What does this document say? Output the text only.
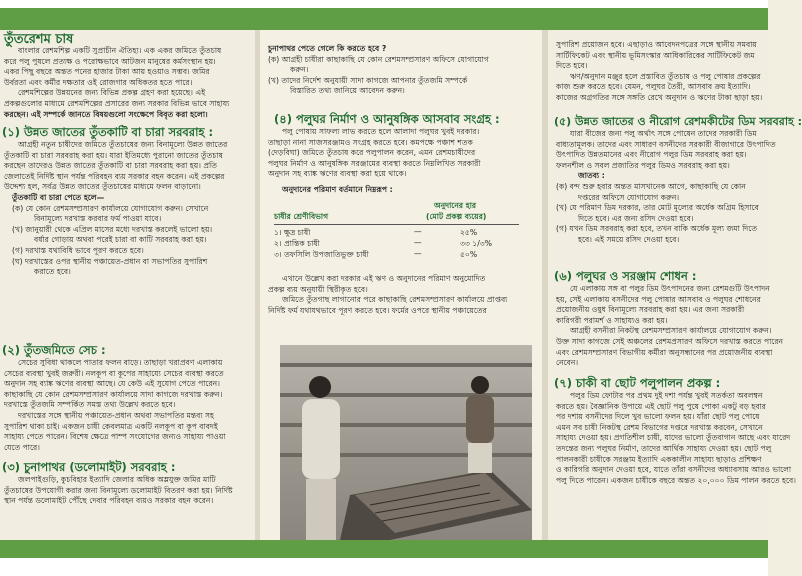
তুঁতরেশম চাষ
বাংলার রেশমশিল্প একটি সুপ্রাচীন ঐতিহ্য। এক একর জমিতে তুঁতচাষ
করে পলু পুষলে প্রত্যক্ষ ও পরোক্ষভাবে আটজন মানুষের কর্মসংস্থান হয়।
একর পিছু বছরে অন্তত পনের হাজার টাকা আয় হওয়াও সম্ভব। জমির
উর্বরতা এবং কর্মীর দক্ষতার ওই রোজগার অধিকতর হতে পারে।
রেশমশিল্পের উন্নয়নের জন্য বিভিন্ন প্রকল্প গ্রহণ করা হয়েছে। এই
প্রকল্পগুলোর মাধ্যমে রেশমশিল্পের প্রসারের জন্য সরকার বিভিন্ন ভাবে সাহায্য
করছেন। এই সম্পর্কে জানতে বিষয়গুলো সংক্ষেপে বিবৃত করা হলো।
(১) উন্নত জাতের তুঁতকাটি বা চারা সরবরাহ :
আগ্রহী নতুন চাষীদের জমিতে তুঁতচাষের জন্য বিনামূল্যে উন্নত জাতের
তুঁতকাটি বা চারা সরবরাহ করা হয়। যারা ইতিমধ্যে পুরানো জাতের তুঁতচাষ
করছেন তাদেরও উন্নত জাতের তুঁতকাটি বা চারা সরবরাহ করা হয়। প্রতি
জেলাতেই নির্দিষ্ট স্থান পর্যন্ত পরিবহন ব্যয় সরকার বহন করেন। এই প্রকল্পের
উদ্দেশ্য হল, সর্বত্র উন্নত জাতের তুঁতচাষের মাধ্যমে ফলন বাড়ানো।
তুঁতকাটি বা চারা পেতে হলে—
(ক) যে কোন রেশমসম্প্রসারণ কার্যালয়ে যোগাযোগ করুন। সেখানে
বিনামূল্যে দরখাস্ত করবার ফর্ম পাওয়া যাবে।
(খ) জানুয়ারী থেকে এপ্রিল মাসের মধ্যে দরখাস্ত করলেই ভালো হয়।
বর্ষার গোড়ায় অথবা পরেই চারা বা কাটি সরবরাহ করা হয়।
(গ) দরখাস্ত যথাবিধি ভাবে পূরণ করতে হবে।
(ঘ) দরখাস্তের ওপর স্থানীয় পঞ্চায়েত-প্রধান বা সভাপতির সুপারিশ
করাতে হবে।
(২) তুঁতজমিতে সেচ :
সেচের সুবিধা থাকলে পাতার ফলন বাড়ে। তাছাড়া খরাপ্রবণ এলাকায়
সেচের ব্যবস্থা খুবই জরুরী। নলকূপ বা কূপের সাহায্যে সেচের ব্যবস্থা করতে
অনুদান সহ ব্যাঙ্ক ঋণের ব্যবস্থা আছে। যে কেউ এই সুযোগ পেতে পারেন।
কাছাকাছি যে কোন রেশমসম্প্রসারণ কার্যালয়ে সাদা কাগজে দরখাস্ত করুন।
দরখাস্তে তুঁতজমি সম্পর্কিত সমস্ত তথ্য উল্লেখ করতে হবে।
দরখাস্তের সঙ্গে স্থানীয় পঞ্চায়েত-প্রধান অথবা সভাপতির মন্তব্য সহ
সুপারিশ থাকা চাই। একজন চাষী কেবলমাত্র একটি নলকূপ বা কূপ বাবদই
সাহায্য পেতে পারেন। বিশেষ ক্ষেত্রে পাম্প সংযোগের জন্যও সাহায্য পাওয়া
যেতে পারে।
(৩) চুনাপাথর (ডলোমাইট) সরবরাহ :
জলপাইগুড়ি, কুচবিহার ইত্যাদি জেলার অধিক অম্লযুক্ত জমির মাটি
তুঁতচাষের উপযোগী করার জন্য বিনামূল্যে ডলোমাইট বিতরণ করা হয়। নির্দিষ্ট
স্থান পর্যন্ত ডলোমাইট পৌঁছে দেবার পরিবহন ব্যয়ও সরকার বহন করেন।
চুনাপাথর পেতে গেলে কি করতে হবে ?
(ক) আগ্রহী চাষীরা কাছাকাছি যে কোন রেশমসম্প্রসারণ অফিসে যোগাযোগ
করুন।
(খ) তাদের নির্দেশ অনুযায়ী সাদা কাগজে আপনার তুঁতজমি সম্পর্কে
বিস্তারিত তথ্য জানিয়ে আবেদন করুন।
(৪) পলুঘর নির্মাণ ও আনুষঙ্গিক আসবাব সংগ্রহ :
পলু পোষায় সাফল্য লাভ করতে হলে আলাদা পলুঘর খুবই দরকার।
তাছাড়া নানা সাজসরঞ্জামও সংগ্রহ করতে হবে। কমপক্ষে পঞ্চাশ শতক
(দেড়বিঘা) জমিতে তুঁতচাষ করে পলুপালন করেন, এমন রেশমচাষীদের
পলুঘর নির্মাণ ও আনুষঙ্গিক সরঞ্জামের ব্যবস্থা করতে নিম্নলিখিত সরকারী
অনুদান সহ ব্যাঙ্ক ঋণের ব্যবস্থা করা হয়ে থাকে।
অনুদানের পরিমাণ বর্তমানে নিম্নরূপ :
অনুদানের হার
চাষীর শ্রেণীবিভাগ	(মোট প্রকল্প ব্যয়ের)
১। ক্ষুদ্র চাষী	—	২৫%
২। প্রান্তিক চাষী	—	৩৩ ১/৩%
৩। তফসিলি উপজাতিভুক্ত চাষী	—	৫০%
এখানে উল্লেখ করা দরকার এই ঋণ ও অনুদানের পরিমাণ অনুমোদিত
প্রকল্প ব্যয় অনুযায়ী স্থিরীকৃত হবে।
জমিতে তুঁতগাছ লাগানোর পরে কাছাকাছি রেশমসম্প্রসারণ কার্যালয়ে প্রাপ্তব্য
নির্দিষ্ট ফর্ম যথাযথভাবে পূরণ করতে হবে। ফর্মের ওপরে স্থানীয় পঞ্চায়েতের
সুপারিশ প্রয়োজন হবে। এছাড়াও আবেদনপত্রের সঙ্গে স্থানীয় সমবায়
সার্টিফিকেট এবং স্থানীয় ভূমিসংস্কার আধিকারিকের সার্টিফিকেট জম
দিতে হবে।
ঋণ/অনুদান মঞ্জুর হলে প্রস্তাবিত তুঁতচাষ ও পলু পোষার প্রকল্পের
কাজ শুরু করতে হবে। যেমন, পলুঘর তৈরী, আসবাব ক্রয় ইত্যাদি।
কাজের অগ্রগতির সঙ্গে সঙ্গতি রেখে অনুদান ও ঋণের টাকা ছাড়া হয়।
(৫) উন্নত জাতের ও নীরোগ রেশমকীটের ডিম সরবরাহ :
যারা বীজের জন্য পলু অর্থাৎ সঙ্গে পোষেন তাদের সরকারী ডিম
বাধ্যতামূলক। তাদের এবং সাধারণ বসনীদের সরকারী বীজাগারে উৎপাদিত
উৎপাদিত উন্নতমানের এবং নীরোগ পলুর ডিম সরবরাহ করা হয়।
ফলনশীল ও সবল প্রজাতির পলুর ডিমও সরবরাহ করা হয়।
জাতব্য :
(ক) বন্দ শুরু হবার অন্তত মাসখানেক আগে, কাছাকাছি যে কোন
দপ্তরের অফিসে যোগাযোগ করুন।
(খ) যে পরিমাণ ডিম দরকার, তার মোট মূল্যের অর্ধেক অগ্রিম হিসাবে
দিতে হবে। এর জন্য রসিদ দেওয়া হবে।
(গ) যখন ডিম সরবরাহ করা হবে, তখন বাকি অর্ধেক মূল্য জমা দিতে
হবে। এই সময়ে রসিদ দেওয়া হবে।
(৬) পলুঘর ও সরঞ্জাম শোধন :
যে এলাকায় সঙ্গ বা পলুর ডিম উৎপাদনের জন্য রেশমগুটি উৎপাদন
হয়, সেই এলাকায় বসনীদের পলু পোষার আসবাব ও পলুঘর শোধনের
প্রয়োজনীয় ওষুধ বিনামূল্যে সরবরাহ করা হয়। এর জন্য সরকারী
কারিগরী পরামর্শ ও সাহায্যও করা হয়।
আগ্রহী বসনীরা নিকটস্থ রেশমসম্প্রসারণ কার্যালয়ে যোগাযোগ করুন।
উক্ত সাদা কাগজে সেই অঞ্চলের রেশমপ্রসারণ অফিসে দরখাস্ত করতে পারেন
এবং রেশমসম্প্রসারণ বিভাগীয় কর্মীরা অনুসন্ধানের পর প্রয়োজনীয় ব্যবস্থা
নেবেন।
(৭) চাকী বা ছোট পলুপালন প্রকল্প :
পলুর ডিম ফোটার পর প্রথম দুই দশা পর্যন্ত খুবই সতর্কতা অবলম্বন
করতে হয়। বৈজ্ঞানিক উপায়ে এই ছোট পলু পুষে পোকা একটু বড় হবার
পর দশায় বসনীদের দিলে খুব ভালো ফলন হয়। যাঁরা ছোট পলু পোষে
এমন সব চাষী নিকটস্থ রেশম বিভাগের দপ্তরে দরখাস্ত করবেন, সেখানে
সাহায্য দেওয়া হয়। প্রগতিশীল চাষী, যাদের ভালো তুঁতবাগান আছে এবং যারেদ
তদন্তের জন্য পলুঘর নির্মাণ, তাদের আর্থিক সাহায্য দেওয়া হয়। ছোট পলু
পালনকারী চাষীকে সরঞ্জাম ইত্যাদি এককালীন সাহায্য ছাড়াও প্রশিক্ষণ
ও কারিগরি অনুদান দেওয়া হবে, যাতে তাঁরা বসনীদের অধ্যাবসায় আরও ভালো
পলু দিতে পারেন। একজন চাষীকে বছরে অন্তত ২০,০০০ ডিম পালন করতে হবে।
